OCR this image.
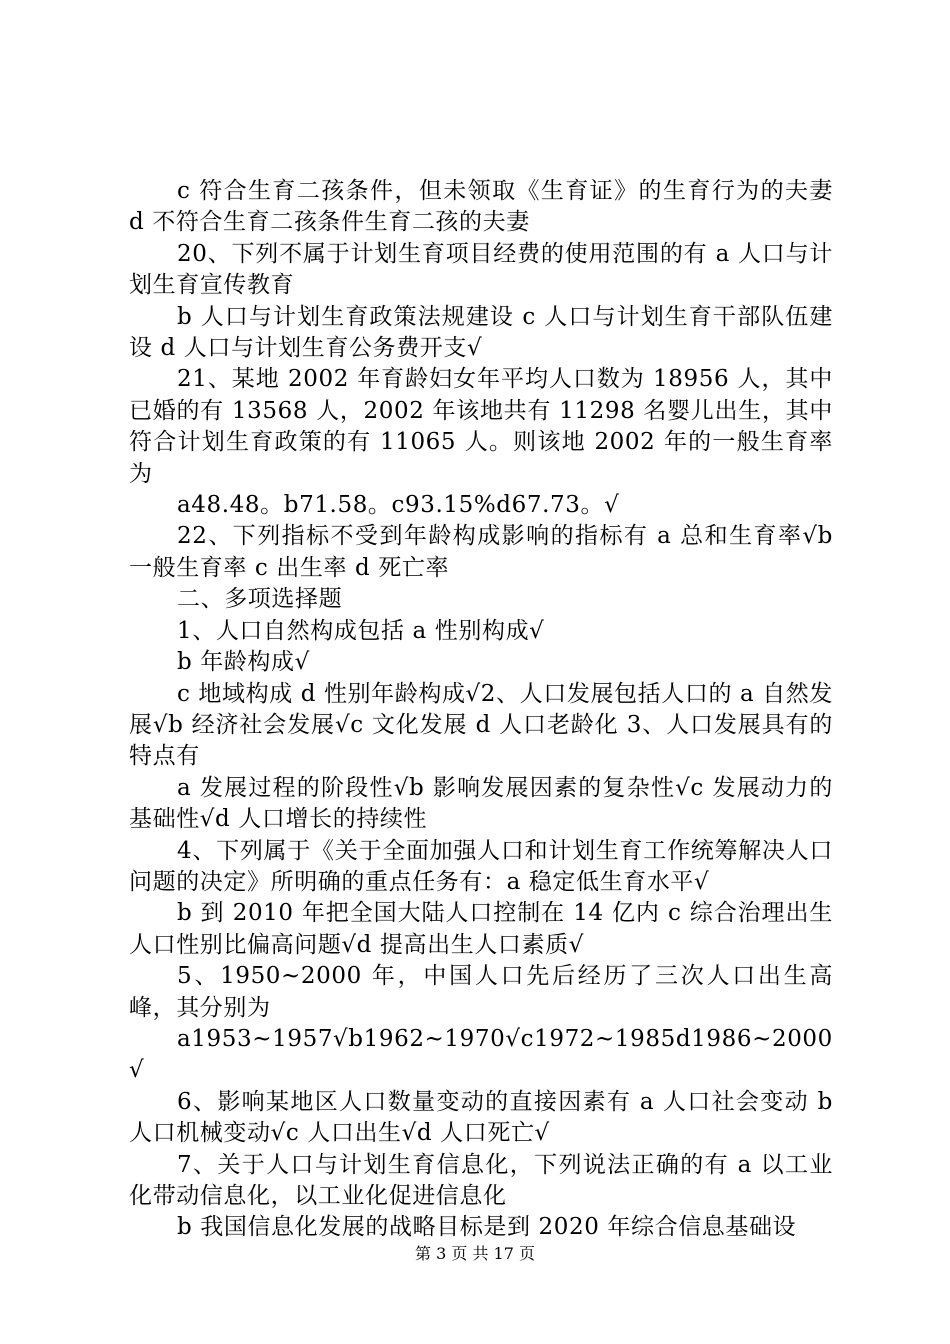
c 符合生育二孩条件，但未领取《生育证》的生育行为的夫妻 d 不符合生育二孩条件生育二孩的夫妻

20、下列不属于计划生育项目经费的使用范围的有 a 人口与计划生育宣传教育

b 人口与计划生育政策法规建设 c 人口与计划生育干部队伍建设 d 人口与计划生育公务费开支√

21、某地 2002 年育龄妇女年平均人口数为 18956 人，其中已婚的有 13568 人，2002 年该地共有 11298 名婴儿出生，其中符合计划生育政策的有 11065 人。则该地 2002 年的一般生育率为

a48.48。b71.58。c93.15%d67.73。√

22、下列指标不受到年龄构成影响的指标有 a 总和生育率√b 一般生育率 c 出生率 d 死亡率

二、多项选择题

1、人口自然构成包括 a 性别构成√

b 年龄构成√

c 地域构成 d 性别年龄构成√2、人口发展包括人口的 a 自然发展√b 经济社会发展√c 文化发展 d 人口老龄化 3、人口发展具有的特点有

a 发展过程的阶段性√b 影响发展因素的复杂性√c 发展动力的基础性√d 人口增长的持续性

4、下列属于《关于全面加强人口和计划生育工作统筹解决人口问题的决定》所明确的重点任务有：a 稳定低生育水平√

b 到 2010 年把全国大陆人口控制在 14 亿内 c 综合治理出生人口性别比偏高问题√d 提高出生人口素质√

5、1950~2000 年，中国人口先后经历了三次人口出生高峰，其分别为

a1953~1957√b1962~1970√c1972~1985d1986~2000√

6、影响某地区人口数量变动的直接因素有 a 人口社会变动 b 人口机械变动√c 人口出生√d 人口死亡√

7、关于人口与计划生育信息化，下列说法正确的有 a 以工业化带动信息化，以工业化促进信息化

b 我国信息化发展的战略目标是到 2020 年综合信息基础设

第 3 页 共 17 页
